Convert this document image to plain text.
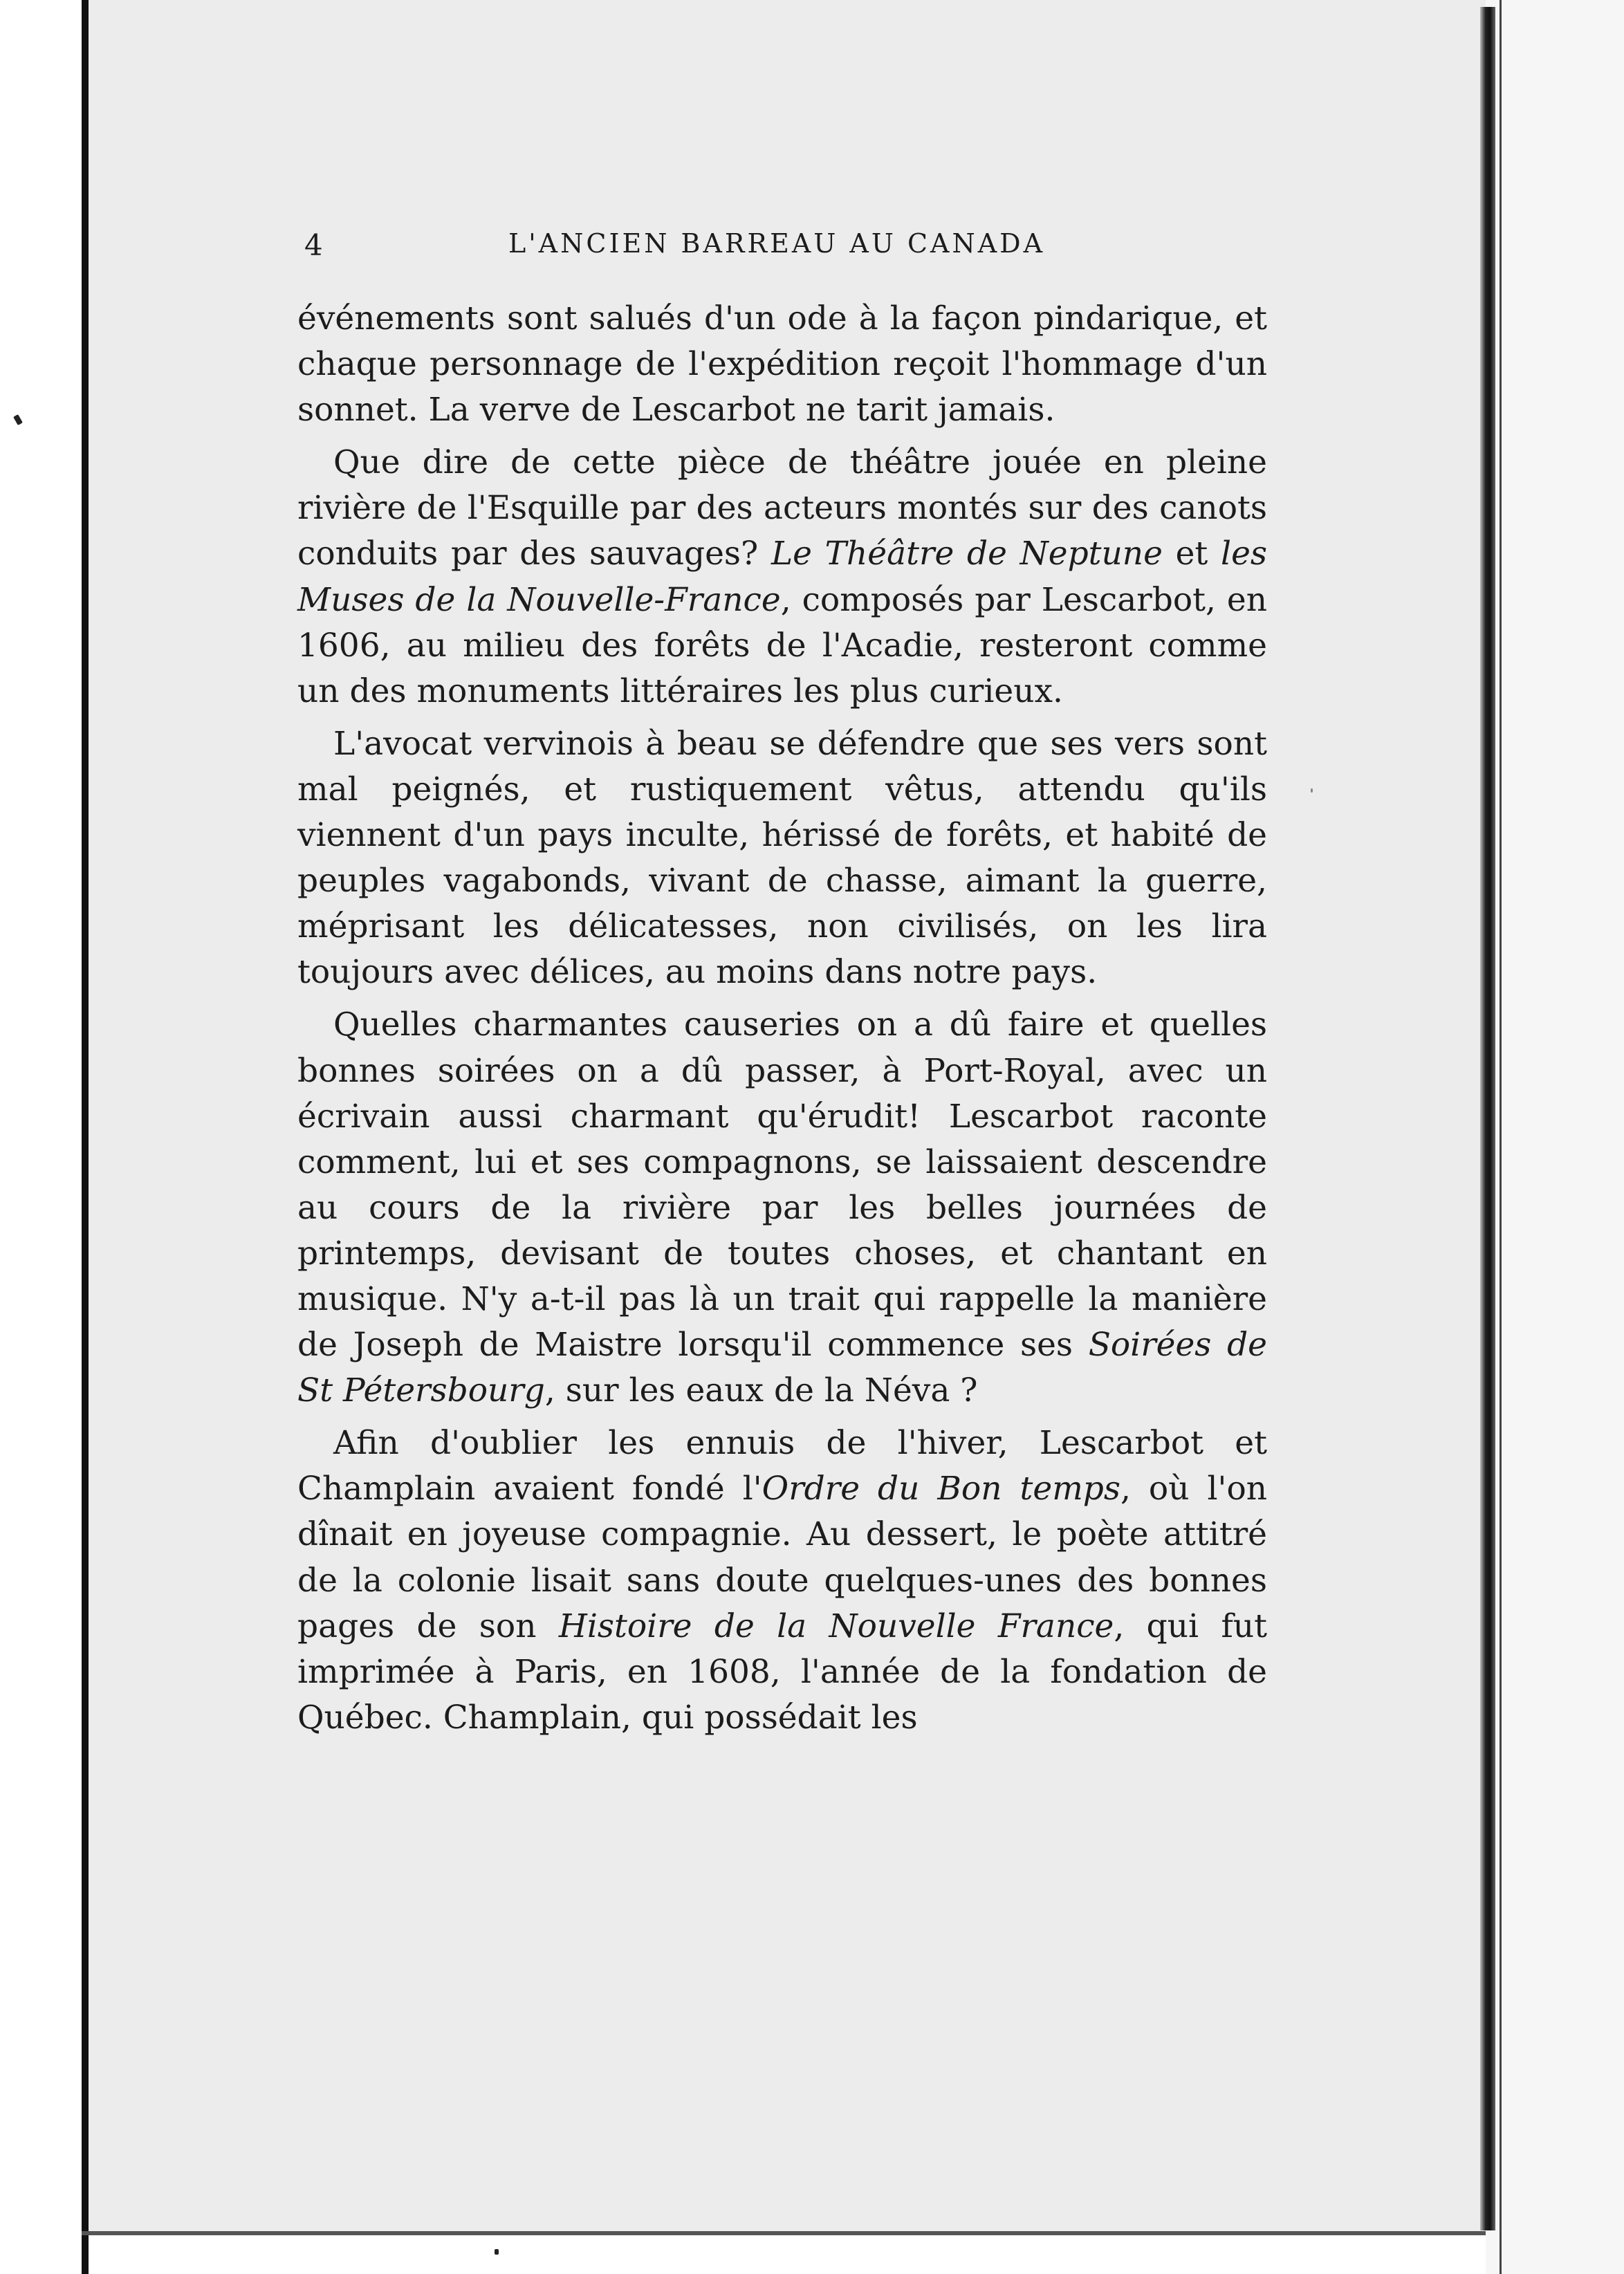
4	L'ANCIEN BARREAU AU CANADA

événements sont salués d'un ode à la façon pindarique, et chaque personnage de l'expédition reçoit l'hommage d'un sonnet. La verve de Lescarbot ne tarit jamais.

Que dire de cette pièce de théâtre jouée en pleine rivière de l'Esquille par des acteurs montés sur des canots conduits par des sauvages? Le Théâtre de Neptune et les Muses de la Nouvelle-France, composés par Lescarbot, en 1606, au milieu des forêts de l'Acadie, resteront comme un des monuments littéraires les plus curieux.

L'avocat vervinois à beau se défendre que ses vers sont mal peignés, et rustiquement vêtus, attendu qu'ils viennent d'un pays inculte, hérissé de forêts, et habité de peuples vagabonds, vivant de chasse, aimant la guerre, méprisant les délicatesses, non civilisés, on les lira toujours avec délices, au moins dans notre pays.

Quelles charmantes causeries on a dû faire et quelles bonnes soirées on a dû passer, à Port-Royal, avec un écrivain aussi charmant qu'érudit! Lescarbot raconte comment, lui et ses compagnons, se laissaient descendre au cours de la rivière par les belles journées de printemps, devisant de toutes choses, et chantant en musique. N'y a-t-il pas là un trait qui rappelle la manière de Joseph de Maistre lorsqu'il commence ses Soirées de St Pétersbourg, sur les eaux de la Néva ?

Afin d'oublier les ennuis de l'hiver, Lescarbot et Champlain avaient fondé l'Ordre du Bon temps, où l'on dînait en joyeuse compagnie. Au dessert, le poète attitré de la colonie lisait sans doute quelques-unes des bonnes pages de son Histoire de la Nouvelle France, qui fut imprimée à Paris, en 1608, l'année de la fondation de Québec. Champlain, qui possédait les
